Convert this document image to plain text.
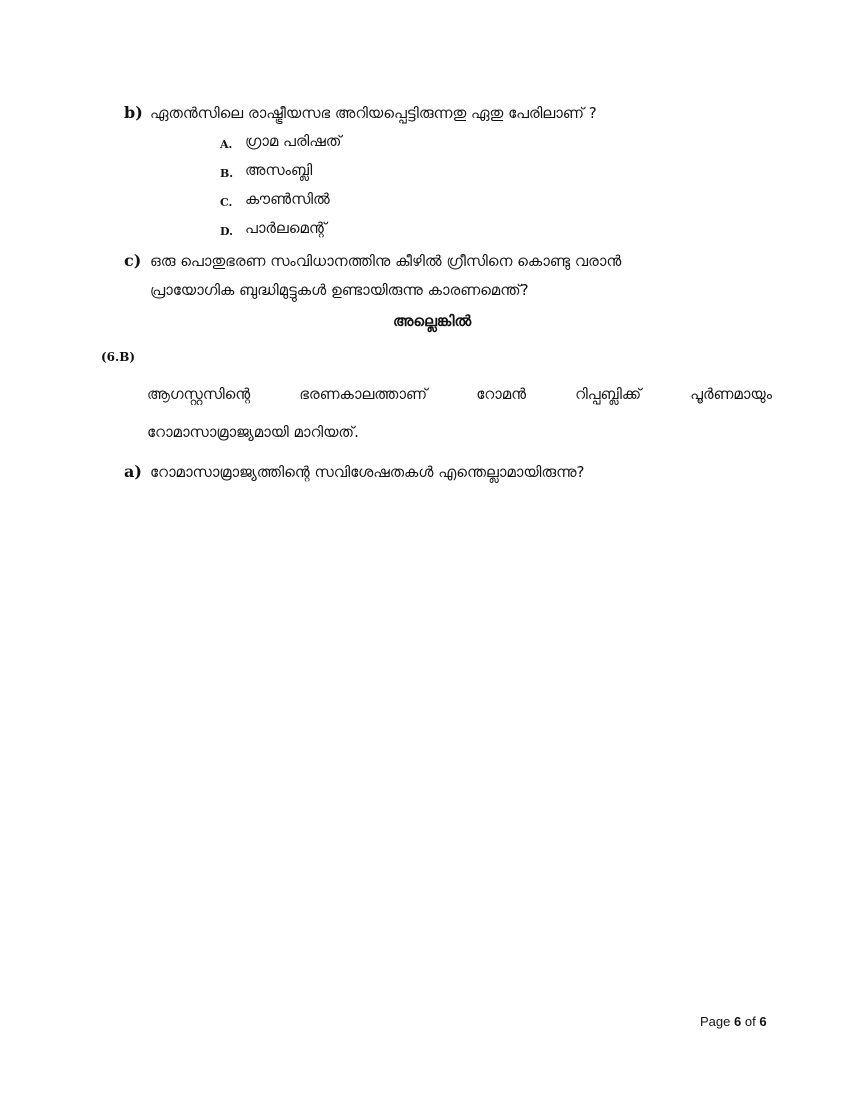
b) ഏതൻസിലെ രാഷ്ട്രീയസഭ അറിയപ്പെട്ടിരുന്നതു ഏതു പേരിലാണ് ?
A. ഗ്രാമ പരിഷത്
B. അസംബ്ലി
C. കൗൺസിൽ
D. പാർലമെന്റ്
c) ഒരു പൊതുഭരണ സംവിധാനത്തിനു കീഴിൽ ഗ്രീസിനെ കൊണ്ടു വരാൻ
പ്രായോഗിക ബുദ്ധിമുട്ടുകൾ ഉണ്ടായിരുന്നു കാരണമെന്ത്?
അല്ലെങ്കിൽ
(6.B)
ആഗസ്റ്റസിന്റെ	ഭരണകാലത്താണ്	റോമൻ	റിപ്പബ്ലിക്ക്	പൂർണമായും
റോമാസാമ്രാജ്യമായി മാറിയത്.
a) റോമാസാമ്രാജ്യത്തിന്റെ സവിശേഷതകൾ എന്തെല്ലാമായിരുന്നു?
Page 6 of 6
